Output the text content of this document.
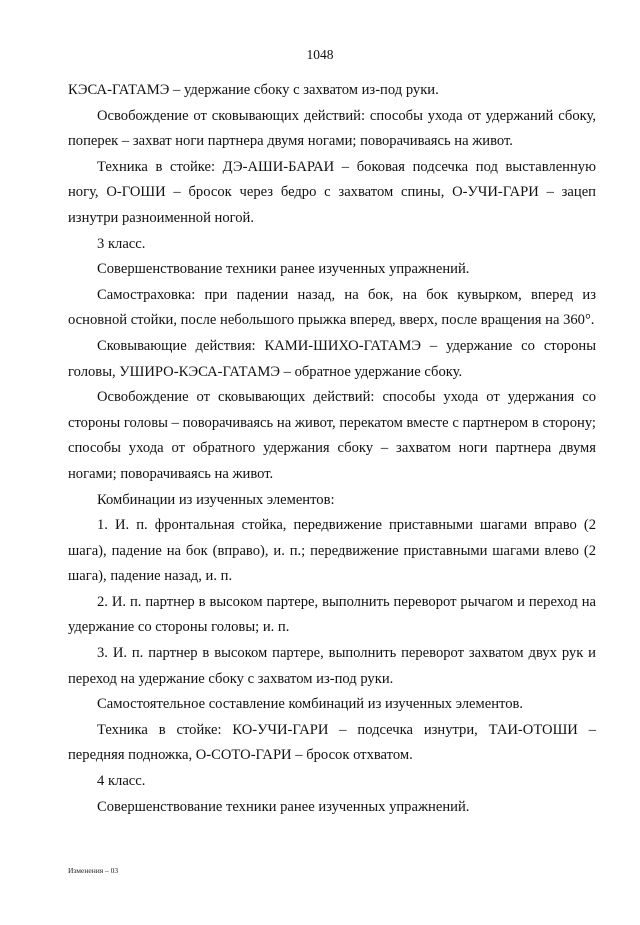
1048

КЭСА-ГАТАМЭ – удержание сбоку с захватом из-под руки.

Освобождение от сковывающих действий: способы ухода от удержаний сбоку, поперек – захват ноги партнера двумя ногами; поворачиваясь на живот.

Техника в стойке: ДЭ-АШИ-БАРАИ – боковая подсечка под выставленную ногу, О-ГОШИ – бросок через бедро с захватом спины, О-УЧИ-ГАРИ – зацеп изнутри разноименной ногой.

3 класс.

Совершенствование техники ранее изученных упражнений.

Самостраховка: при падении назад, на бок, на бок кувырком, вперед из основной стойки, после небольшого прыжка вперед, вверх, после вращения на 360°.

Сковывающие действия: КАМИ-ШИХО-ГАТАМЭ – удержание со стороны головы, УШИРО-КЭСА-ГАТАМЭ – обратное удержание сбоку.

Освобождение от сковывающих действий: способы ухода от удержания со стороны головы – поворачиваясь на живот, перекатом вместе с партнером в сторону; способы ухода от обратного удержания сбоку – захватом ноги партнера двумя ногами; поворачиваясь на живот.

Комбинации из изученных элементов:

1. И. п. фронтальная стойка, передвижение приставными шагами вправо (2 шага), падение на бок (вправо), и. п.; передвижение приставными шагами влево (2 шага), падение назад, и. п.

2. И. п. партнер в высоком партере, выполнить переворот рычагом и переход на удержание со стороны головы; и. п.

3. И. п. партнер в высоком партере, выполнить переворот захватом двух рук и переход на удержание сбоку с захватом из-под руки.

Самостоятельное составление комбинаций из изученных элементов.

Техника в стойке: КО-УЧИ-ГАРИ – подсечка изнутри, ТАИ-ОТОШИ – передняя подножка, О-СОТО-ГАРИ – бросок отхватом.

4 класс.

Совершенствование техники ранее изученных упражнений.

Изменения – 03
